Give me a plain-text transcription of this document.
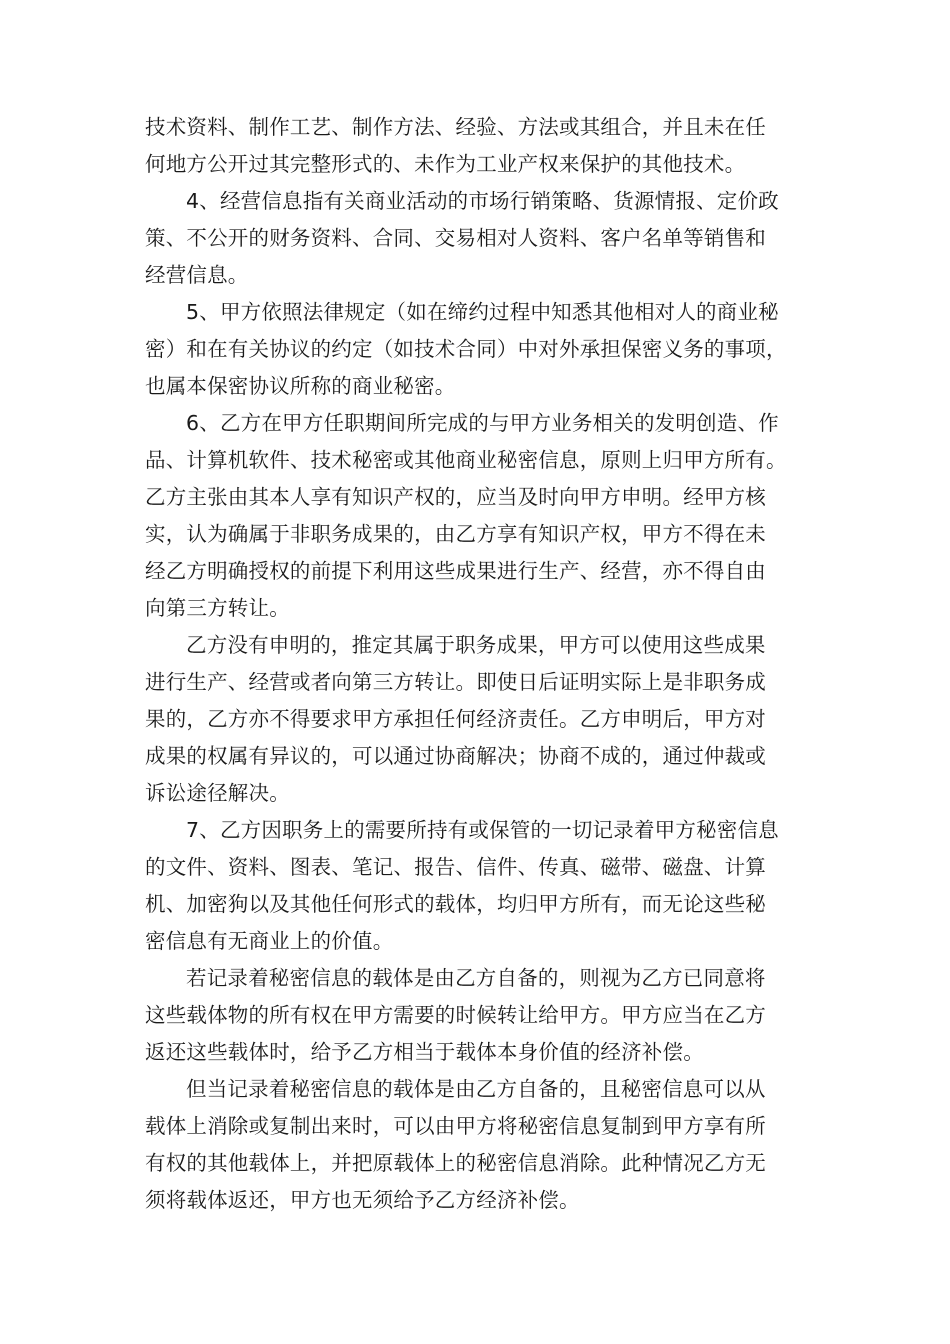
技术资料、制作工艺、制作方法、经验、方法或其组合，并且未在任
何地方公开过其完整形式的、未作为工业产权来保护的其他技术。
4、经营信息指有关商业活动的市场行销策略、货源情报、定价政
策、不公开的财务资料、合同、交易相对人资料、客户名单等销售和
经营信息。
5、甲方依照法律规定（如在缔约过程中知悉其他相对人的商业秘
密）和在有关协议的约定（如技术合同）中对外承担保密义务的事项，
也属本保密协议所称的商业秘密。
6、乙方在甲方任职期间所完成的与甲方业务相关的发明创造、作
品、计算机软件、技术秘密或其他商业秘密信息，原则上归甲方所有。
乙方主张由其本人享有知识产权的，应当及时向甲方申明。经甲方核
实，认为确属于非职务成果的，由乙方享有知识产权，甲方不得在未
经乙方明确授权的前提下利用这些成果进行生产、经营，亦不得自由
向第三方转让。
乙方没有申明的，推定其属于职务成果，甲方可以使用这些成果
进行生产、经营或者向第三方转让。即使日后证明实际上是非职务成
果的，乙方亦不得要求甲方承担任何经济责任。乙方申明后，甲方对
成果的权属有异议的，可以通过协商解决；协商不成的，通过仲裁或
诉讼途径解决。
7、乙方因职务上的需要所持有或保管的一切记录着甲方秘密信息
的文件、资料、图表、笔记、报告、信件、传真、磁带、磁盘、计算
机、加密狗以及其他任何形式的载体，均归甲方所有，而无论这些秘
密信息有无商业上的价值。
若记录着秘密信息的载体是由乙方自备的，则视为乙方已同意将
这些载体物的所有权在甲方需要的时候转让给甲方。甲方应当在乙方
返还这些载体时，给予乙方相当于载体本身价值的经济补偿。
但当记录着秘密信息的载体是由乙方自备的，且秘密信息可以从
载体上消除或复制出来时，可以由甲方将秘密信息复制到甲方享有所
有权的其他载体上，并把原载体上的秘密信息消除。此种情况乙方无
须将载体返还，甲方也无须给予乙方经济补偿。
